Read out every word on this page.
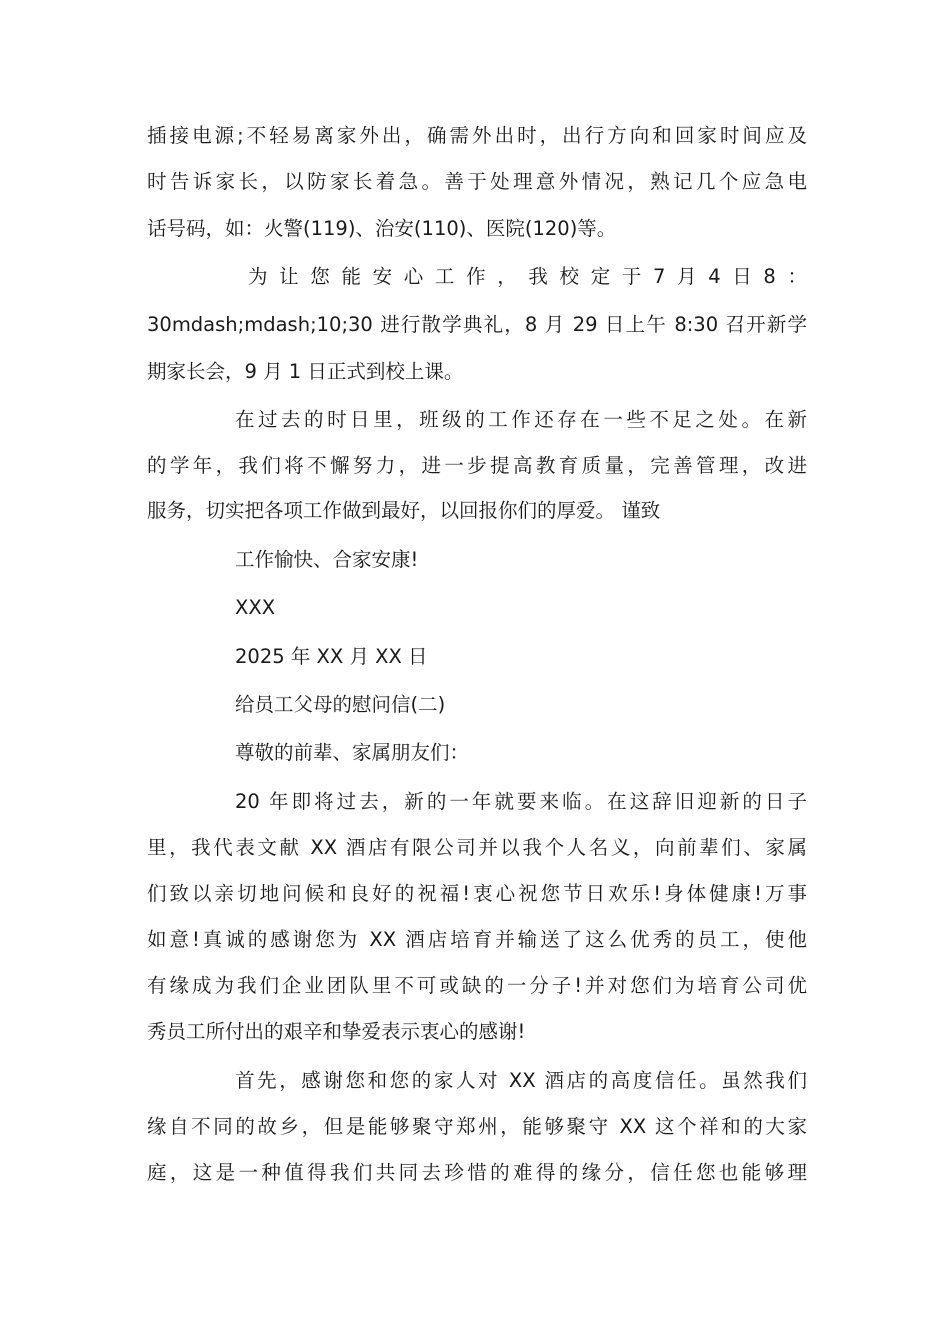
插接电源;不轻易离家外出，确需外出时，出行方向和回家时间应及
时告诉家长，以防家长着急。善于处理意外情况，熟记几个应急电
话号码，如：火警(119)、治安(110)、医院(120)等。
为让您能安心工作，我校定于7月4日8：
30mdash;mdash;10;30 进行散学典礼，8 月 29 日上午 8:30 召开新学
期家长会，9 月 1 日正式到校上课。
在过去的时日里，班级的工作还存在一些不足之处。在新
的学年，我们将不懈努力，进一步提高教育质量，完善管理，改进
服务，切实把各项工作做到最好，以回报你们的厚爱。 谨致
工作愉快、合家安康!
XXX
2025 年 XX 月 XX 日
给员工父母的慰问信(二)
尊敬的前辈、家属朋友们：
20 年即将过去，新的一年就要来临。在这辞旧迎新的日子
里，我代表文献 XX 酒店有限公司并以我个人名义，向前辈们、家属
们致以亲切地问候和良好的祝福!衷心祝您节日欢乐!身体健康!万事
如意!真诚的感谢您为 XX 酒店培育并输送了这么优秀的员工，使他
有缘成为我们企业团队里不可或缺的一分子!并对您们为培育公司优
秀员工所付出的艰辛和挚爱表示衷心的感谢!
首先，感谢您和您的家人对 XX 酒店的高度信任。虽然我们
缘自不同的故乡，但是能够聚守郑州，能够聚守 XX 这个祥和的大家
庭，这是一种值得我们共同去珍惜的难得的缘分，信任您也能够理
